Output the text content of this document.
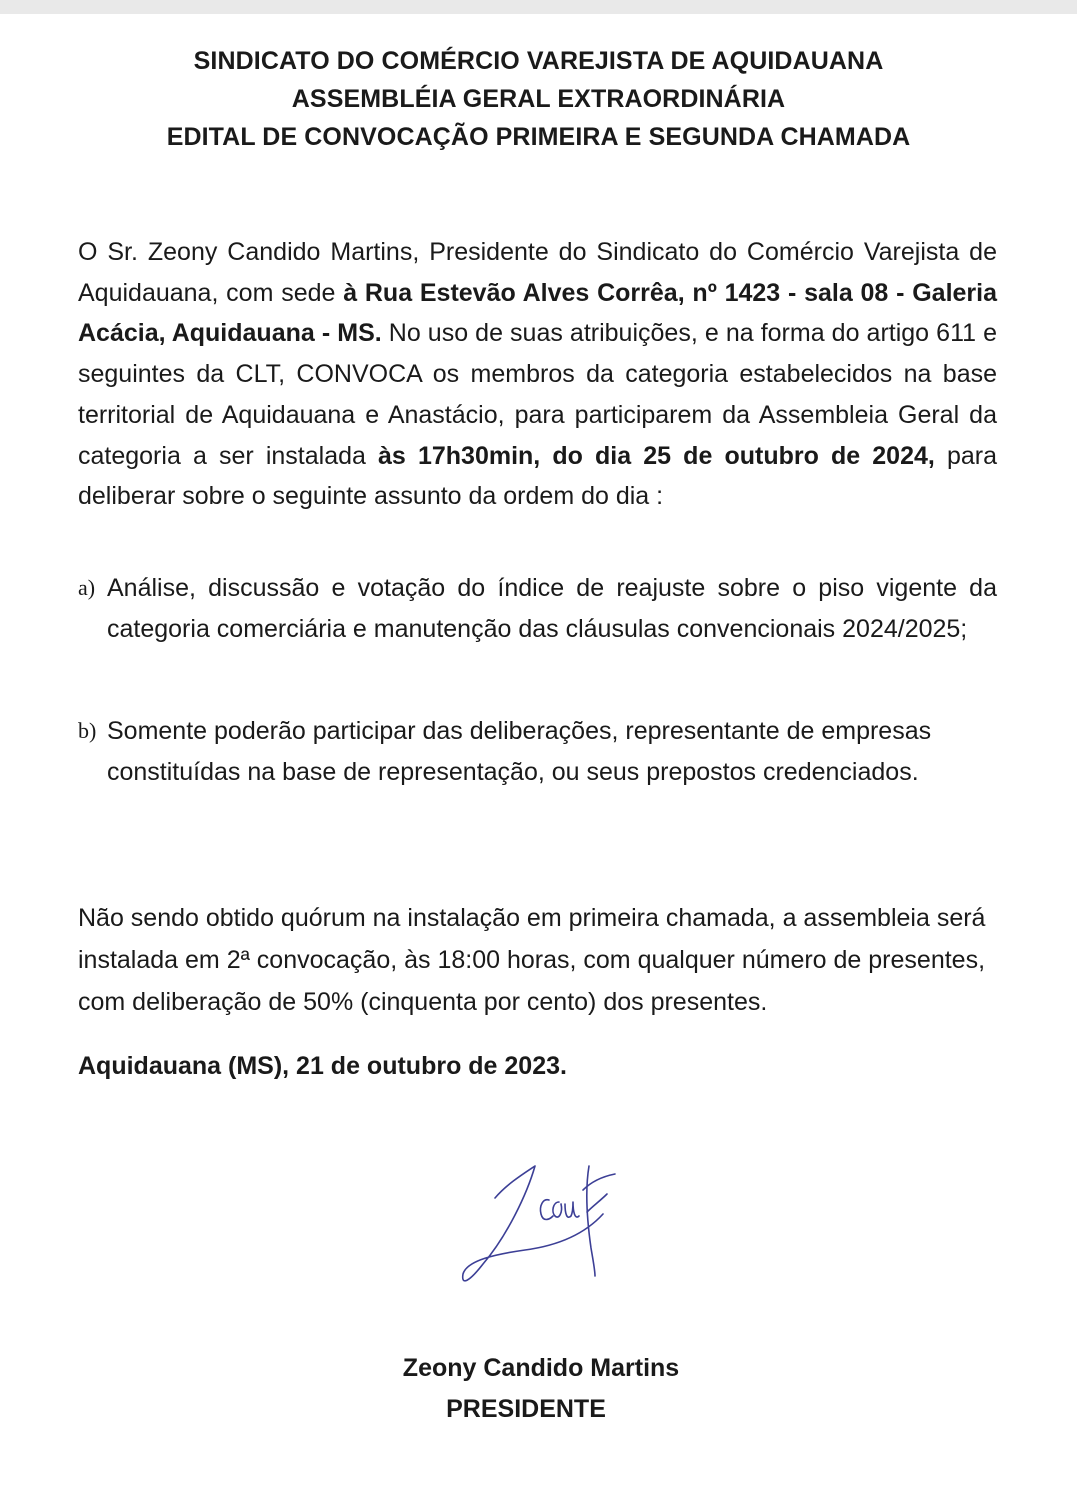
SINDICATO DO COMÉRCIO VAREJISTA DE AQUIDAUANA
ASSEMBLÉIA GERAL EXTRAORDINÁRIA
EDITAL DE CONVOCAÇÃO PRIMEIRA E SEGUNDA CHAMADA

O Sr. Zeony Candido Martins, Presidente do Sindicato do Comércio Varejista de Aquidauana, com sede à Rua Estevão Alves Corrêa, nº 1423 - sala 08 - Galeria Acácia, Aquidauana - MS. No uso de suas atribuições, e na forma do artigo 611 e seguintes da CLT, CONVOCA os membros da categoria estabelecidos na base territorial de Aquidauana e Anastácio, para participarem da Assembleia Geral da categoria a ser instalada às 17h30min, do dia 25 de outubro de 2024, para deliberar sobre o seguinte assunto da ordem do dia :

a) Análise, discussão e votação do índice de reajuste sobre o piso vigente da categoria comerciária e manutenção das cláusulas convencionais 2024/2025;

b) Somente poderão participar das deliberações, representante de empresas constituídas na base de representação, ou seus prepostos credenciados.

Não sendo obtido quórum na instalação em primeira chamada, a assembleia será instalada em 2ª convocação, às 18:00 horas, com qualquer número de presentes, com deliberação de 50% (cinquenta por cento) dos presentes.

Aquidauana (MS), 21 de outubro de 2023.
Zeony Candido Martins
PRESIDENTE
